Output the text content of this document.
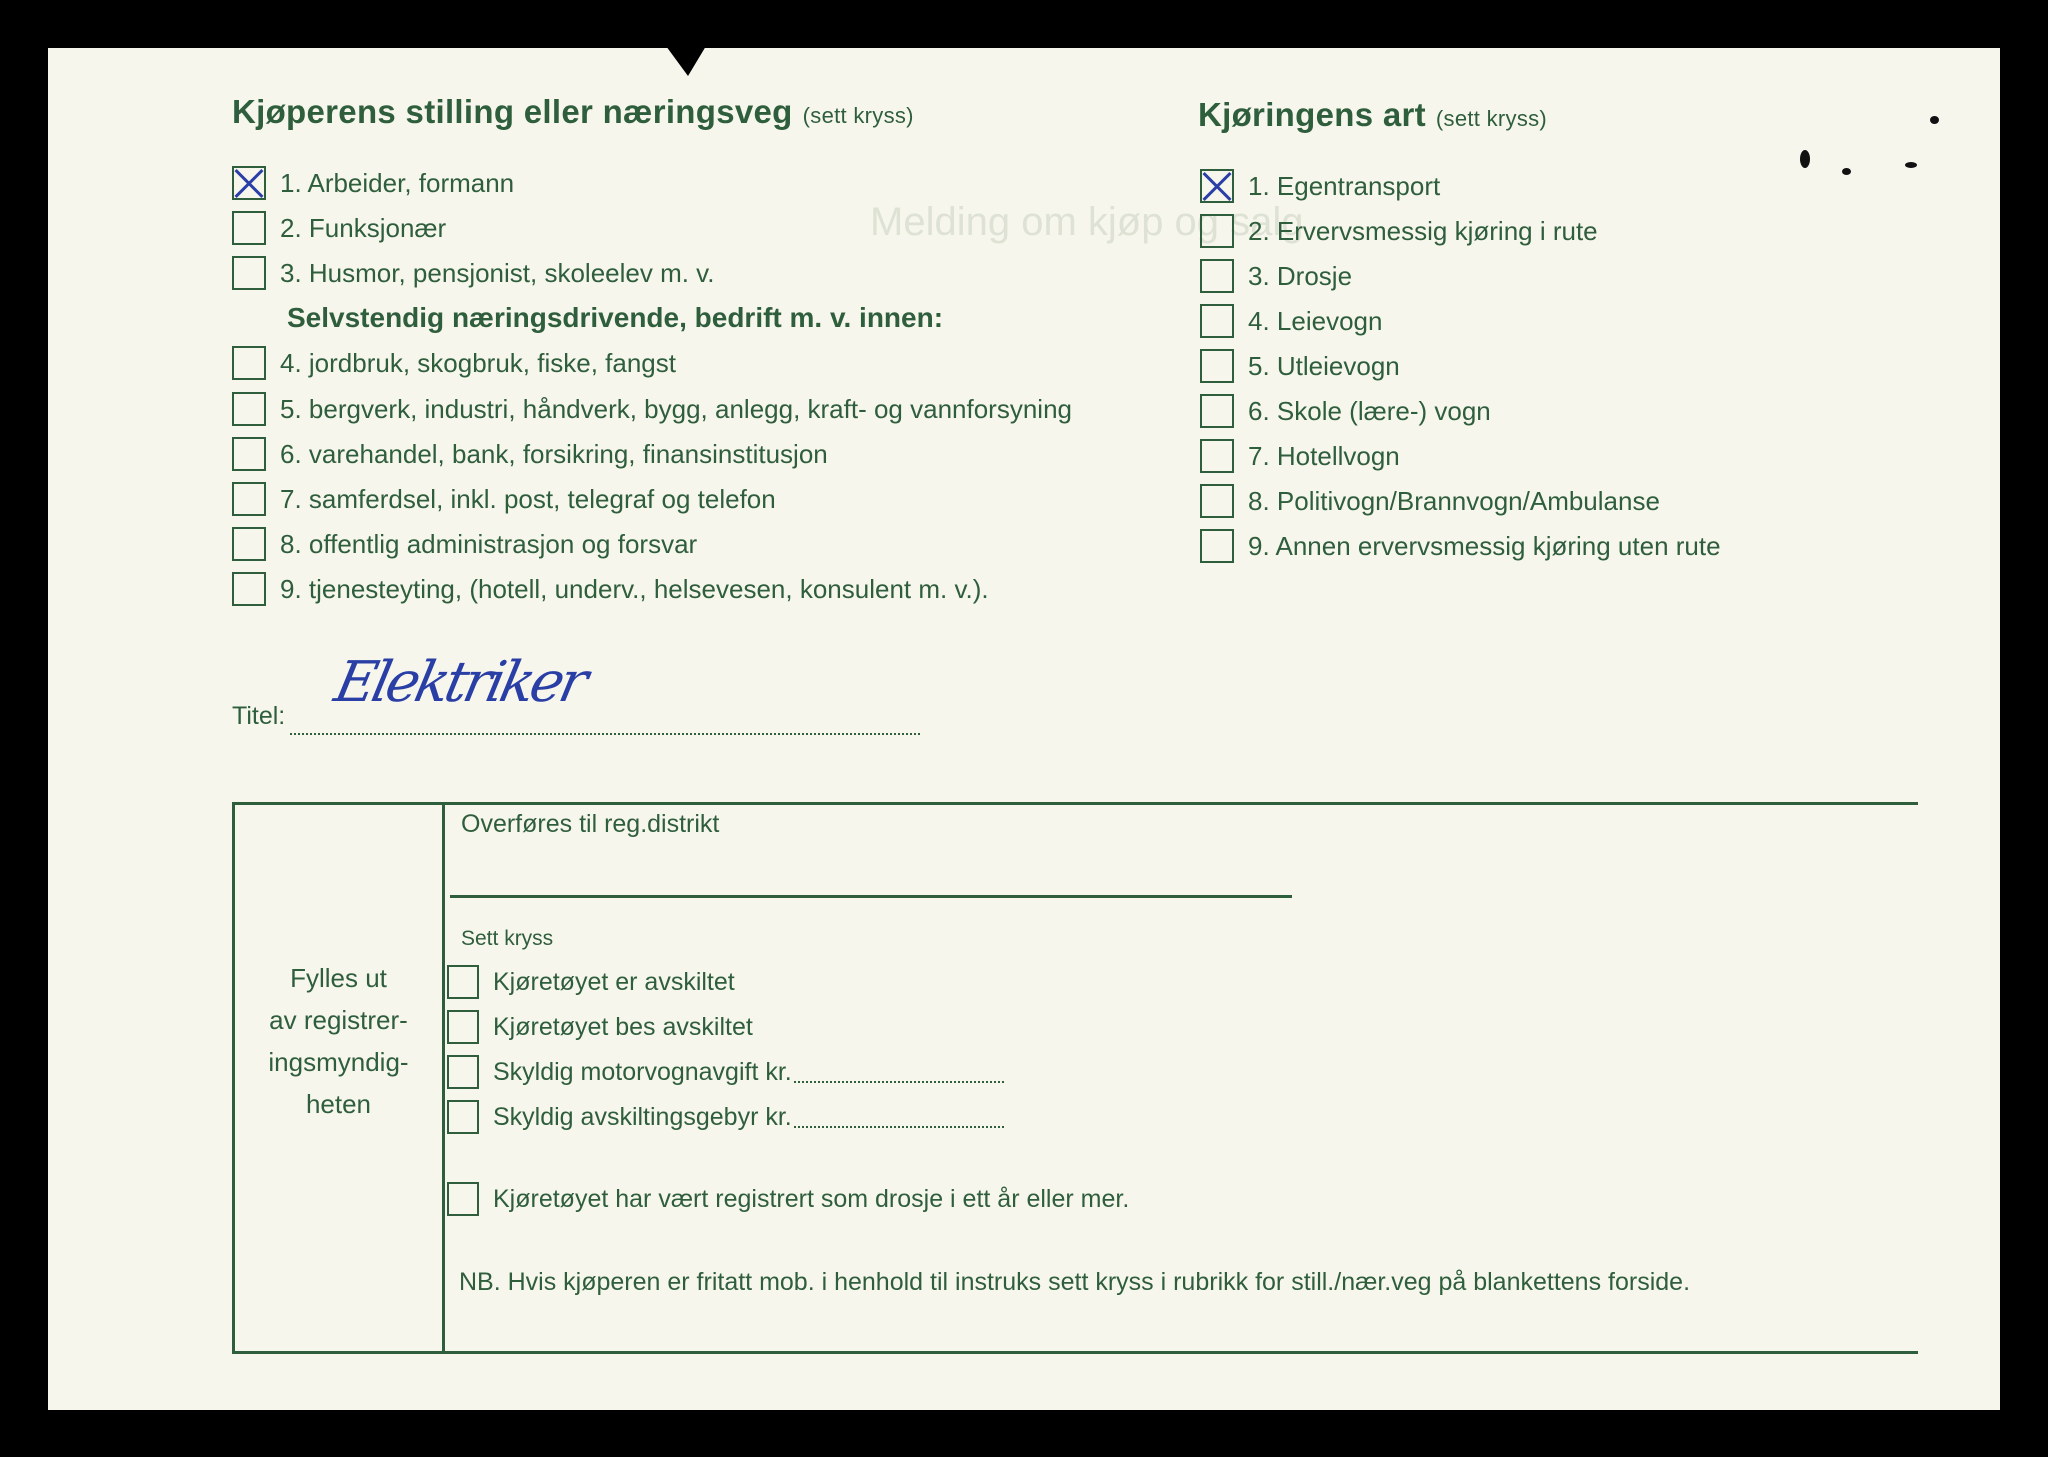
Melding om kjøp og salg
Kjøperens stilling eller næringsveg (sett kryss)
1. Arbeider, formann
2. Funksjonær
3. Husmor, pensjonist, skoleelev m. v.
Selvstendig næringsdrivende, bedrift m. v. innen:
4. jordbruk, skogbruk, fiske, fangst
5. bergverk, industri, håndverk, bygg, anlegg, kraft- og vannforsyning
6. varehandel, bank, forsikring, finansinstitusjon
7. samferdsel, inkl. post, telegraf og telefon
8. offentlig administrasjon og forsvar
9. tjenesteyting, (hotell, underv., helsevesen, konsulent m. v.).
Kjøringens art (sett kryss)
1. Egentransport
2. Ervervsmessig kjøring i rute
3. Drosje
4. Leievogn
5. Utleievogn
6. Skole (lære-) vogn
7. Hotellvogn
8. Politivogn/Brannvogn/Ambulanse
9. Annen ervervsmessig kjøring uten rute
Titel:
Elektriker
Fylles ut
av registrer-
ingsmyndig-
heten
Overføres til reg.distrikt
Sett kryss
Kjøretøyet er avskiltet
Kjøretøyet bes avskiltet
Skyldig motorvognavgift kr.
Skyldig avskiltingsgebyr kr.
Kjøretøyet har vært registrert som drosje i ett år eller mer.
NB. Hvis kjøperen er fritatt mob. i henhold til instruks sett kryss i rubrikk for still./nær.veg på blankettens forside.
